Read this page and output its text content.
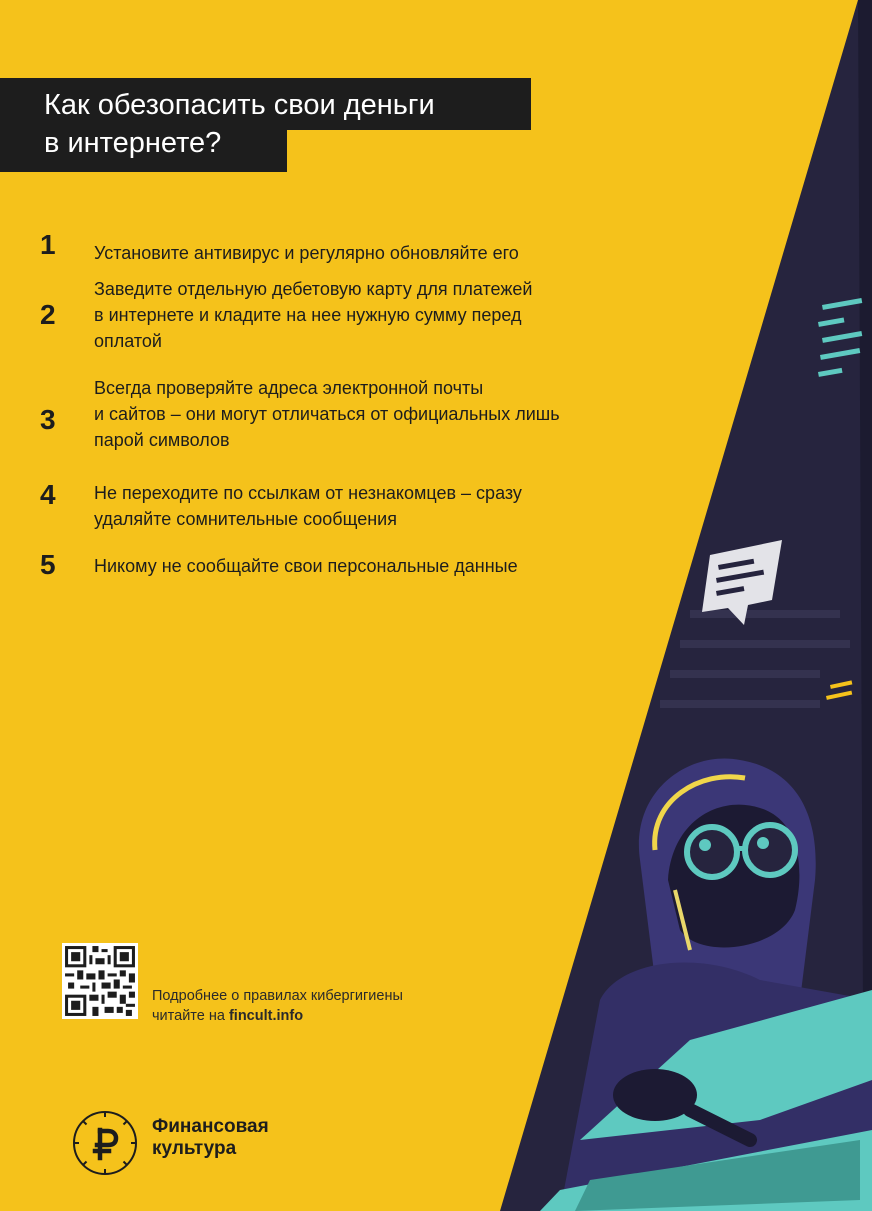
Как обезопасить свои деньги
в интернете?
1	Установите антивирус и регулярно обновляйте его

2

Заведите отдельную дебетовую карту для платежей
в интернете и кладите на нее нужную сумму перед
оплатой

3

Всегда проверяйте адреса электронной почты
и сайтов – они могут отличаться от официальных лишь
парой символов

4	Не переходите по ссылкам от незнакомцев – сразу
удаляйте сомнительные сообщения

5	Никому не сообщайте свои персональные данные

Подробнее о правилах кибергигиены
читайте на fincult.info
Финансовая
культура
